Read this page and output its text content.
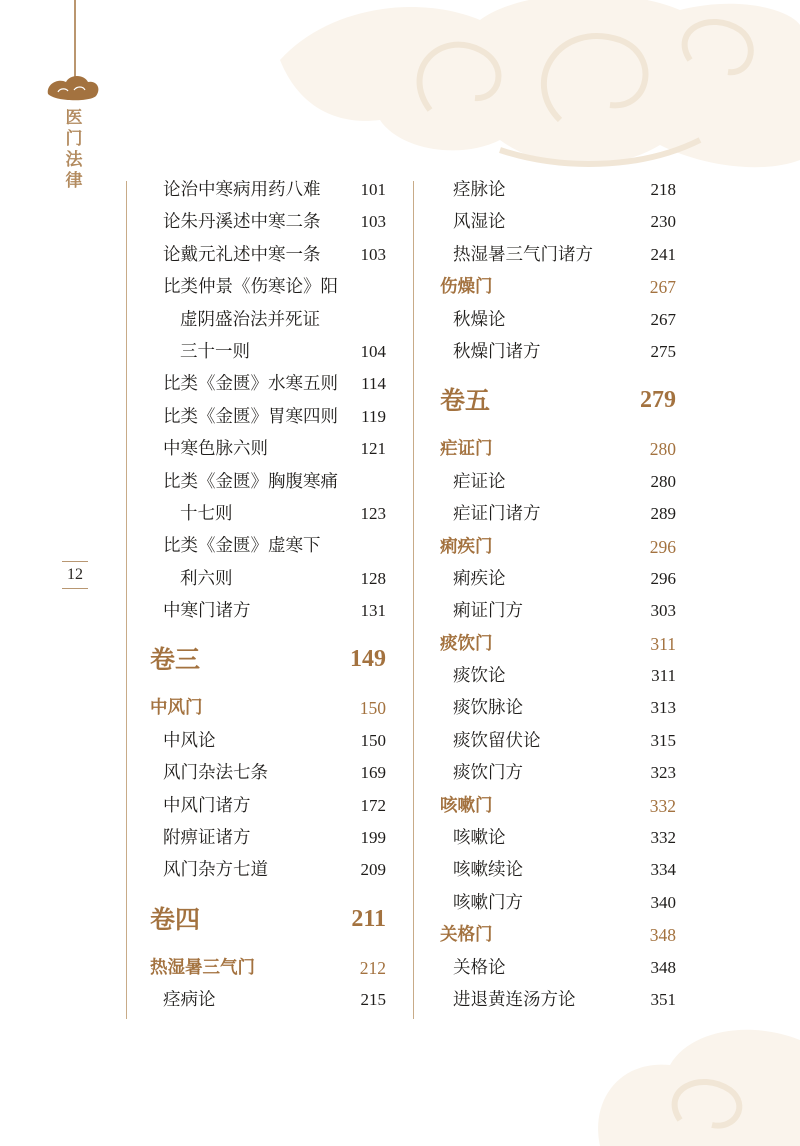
医门法律
12
论治中寒病用药八难 101
论朱丹溪述中寒二条 103
论戴元礼述中寒一条 103
比类仲景《伤寒论》阳
虚阴盛治法并死证
三十一则	104
比类《金匮》水寒五则 114
比类《金匮》胃寒四则 119
中寒色脉六则	121
比类《金匮》胸腹寒痛
十七则	123
比类《金匮》虚寒下
利六则	128
中寒门诸方	131
卷三	149
中风门	150
中风论	150
风门杂法七条	169
中风门诸方	172
附痹证诸方	199
风门杂方七道	209
卷四	211
热湿暑三气门	212
痉病论	215
痉脉论	218
风湿论	230
热湿暑三气门诸方	241
伤燥门	267
秋燥论	267
秋燥门诸方	275
卷五	279
疟证门	280
疟证论	280
疟证门诸方	289
痢疾门	296
痢疾论	296
痢证门方	303
痰饮门	311
痰饮论	311
痰饮脉论	313
痰饮留伏论	315
痰饮门方	323
咳嗽门	332
咳嗽论	332
咳嗽续论	334
咳嗽门方	340
关格门	348
关格论	348
进退黄连汤方论	351
